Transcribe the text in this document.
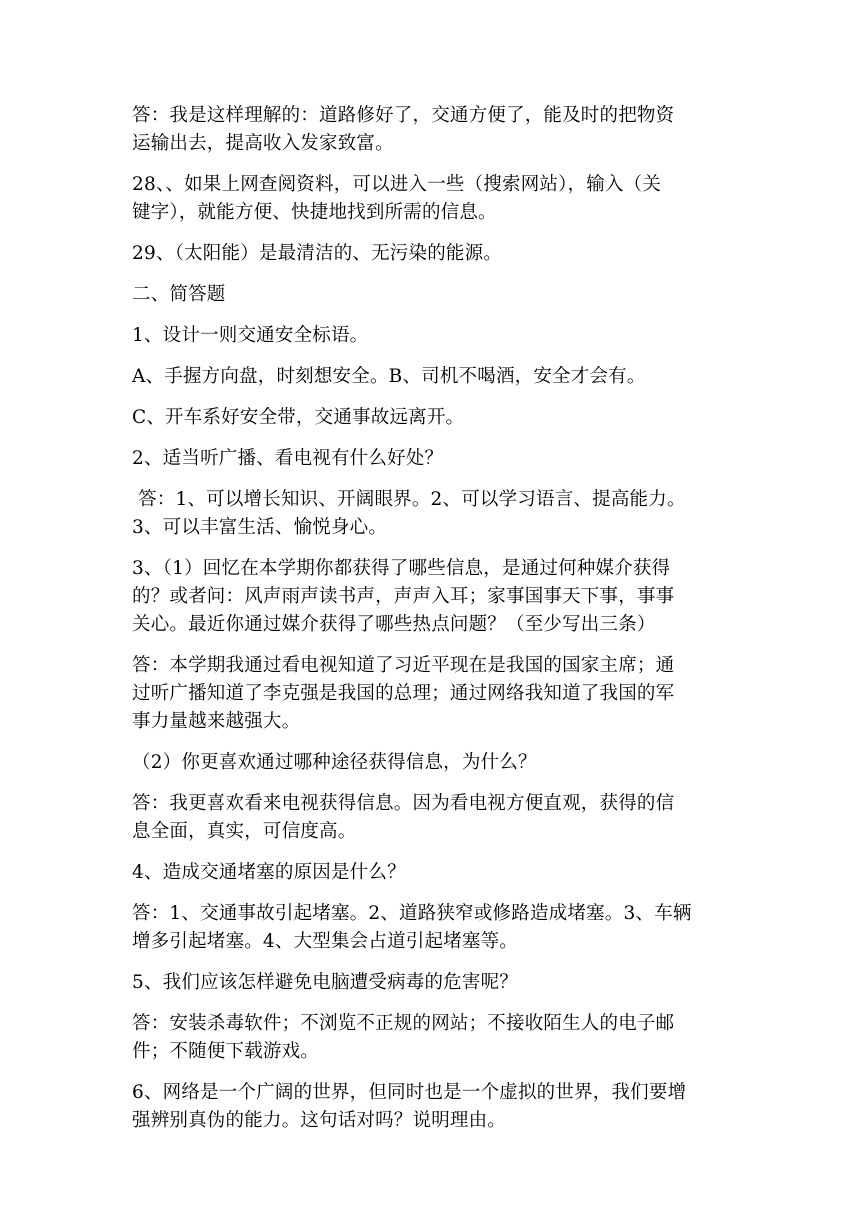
答：我是这样理解的：道路修好了，交通方便了，能及时的把物资
运输出去，提高收入发家致富。
28、、如果上网查阅资料，可以进入一些（搜索网站），输入（关
键字），就能方便、快捷地找到所需的信息。
29、（太阳能）是最清洁的、无污染的能源。
二、简答题
1、设计一则交通安全标语。
A、手握方向盘，时刻想安全。B、司机不喝酒，安全才会有。
C、开车系好安全带，交通事故远离开。
2、适当听广播、看电视有什么好处？
答：1、可以增长知识、开阔眼界。2、可以学习语言、提高能力。
3、可以丰富生活、愉悦身心。
3、（1）回忆在本学期你都获得了哪些信息，是通过何种媒介获得
的？或者问：风声雨声读书声，声声入耳；家事国事天下事，事事
关心。最近你通过媒介获得了哪些热点问题？（至少写出三条）
答：本学期我通过看电视知道了习近平现在是我国的国家主席；通
过听广播知道了李克强是我国的总理；通过网络我知道了我国的军
事力量越来越强大。
（2）你更喜欢通过哪种途径获得信息，为什么？
答：我更喜欢看来电视获得信息。因为看电视方便直观，获得的信
息全面，真实，可信度高。
4、造成交通堵塞的原因是什么？
答：1、交通事故引起堵塞。2、道路狭窄或修路造成堵塞。3、车辆
增多引起堵塞。4、大型集会占道引起堵塞等。
5、我们应该怎样避免电脑遭受病毒的危害呢？
答：安装杀毒软件；不浏览不正规的网站；不接收陌生人的电子邮
件；不随便下载游戏。
6、网络是一个广阔的世界，但同时也是一个虚拟的世界，我们要增
强辨别真伪的能力。这句话对吗？说明理由。
